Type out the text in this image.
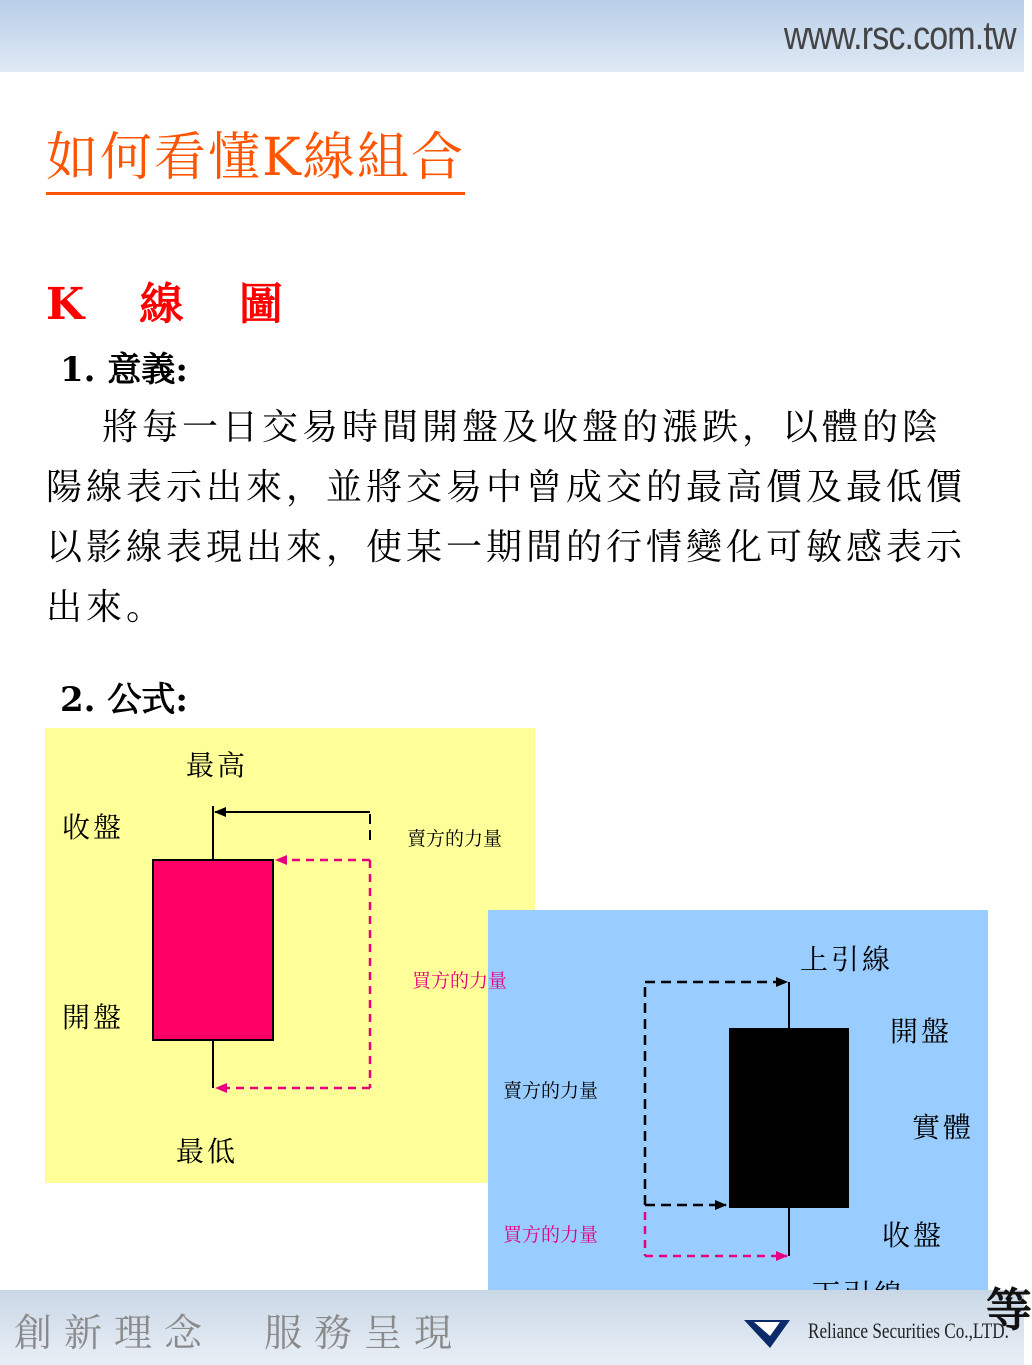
www.rsc.com.tw
如何看懂K線組合
K 線 圖
1. 意義:
將每一日交易時間開盤及收盤的漲跌，以體的陰陽線表示出來，並將交易中曾成交的最高價及最低價以影線表現出來，使某一期間的行情變化可敏感表示出來。
2. 公式:
最高
收盤
開盤
最低
賣方的力量
買方的力量
上引線
開盤
實體
收盤
賣方的力量
買方的力量
創新理念　服務呈現	Reliance Securities Co.,LTD.
等
